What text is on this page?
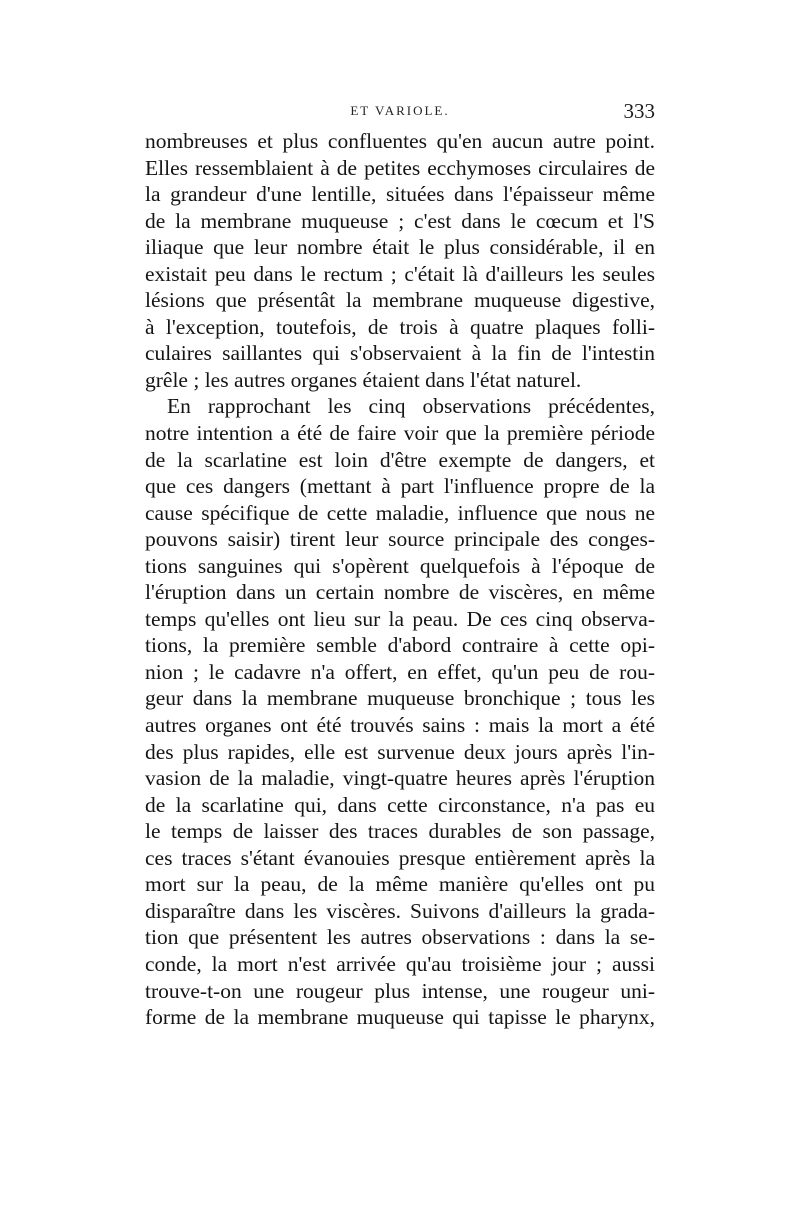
ET VARIOLE.	333
nombreuses et plus confluentes qu'en aucun autre point.
Elles ressemblaient à de petites ecchymoses circulaires de
la grandeur d'une lentille, situées dans l'épaisseur même
de la membrane muqueuse ; c'est dans le cœcum et l'S
iliaque que leur nombre était le plus considérable, il en
existait peu dans le rectum ; c'était là d'ailleurs les seules
lésions que présentât la membrane muqueuse digestive,
à l'exception, toutefois, de trois à quatre plaques folli-
culaires saillantes qui s'observaient à la fin de l'intestin
grêle ; les autres organes étaient dans l'état naturel.
En rapprochant les cinq observations précédentes,
notre intention a été de faire voir que la première période
de la scarlatine est loin d'être exempte de dangers, et
que ces dangers (mettant à part l'influence propre de la
cause spécifique de cette maladie, influence que nous ne
pouvons saisir) tirent leur source principale des conges-
tions sanguines qui s'opèrent quelquefois à l'époque de
l'éruption dans un certain nombre de viscères, en même
temps qu'elles ont lieu sur la peau. De ces cinq observa-
tions, la première semble d'abord contraire à cette opi-
nion ; le cadavre n'a offert, en effet, qu'un peu de rou-
geur dans la membrane muqueuse bronchique ; tous les
autres organes ont été trouvés sains : mais la mort a été
des plus rapides, elle est survenue deux jours après l'in-
vasion de la maladie, vingt-quatre heures après l'éruption
de la scarlatine qui, dans cette circonstance, n'a pas eu
le temps de laisser des traces durables de son passage,
ces traces s'étant évanouies presque entièrement après la
mort sur la peau, de la même manière qu'elles ont pu
disparaître dans les viscères. Suivons d'ailleurs la grada-
tion que présentent les autres observations : dans la se-
conde, la mort n'est arrivée qu'au troisième jour ; aussi
trouve-t-on une rougeur plus intense, une rougeur uni-
forme de la membrane muqueuse qui tapisse le pharynx,
